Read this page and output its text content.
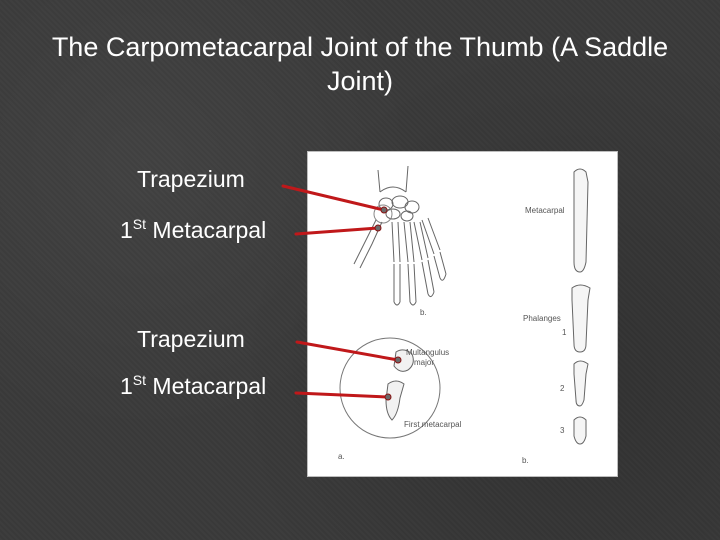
The Carpometacarpal Joint of the Thumb (A Saddle Joint)
Trapezium
1St Metacarpal
Trapezium
1St Metacarpal
b.
Metacarpal
Phalanges
1
2
3
Multangulus
major
First metacarpal
a.	b.
